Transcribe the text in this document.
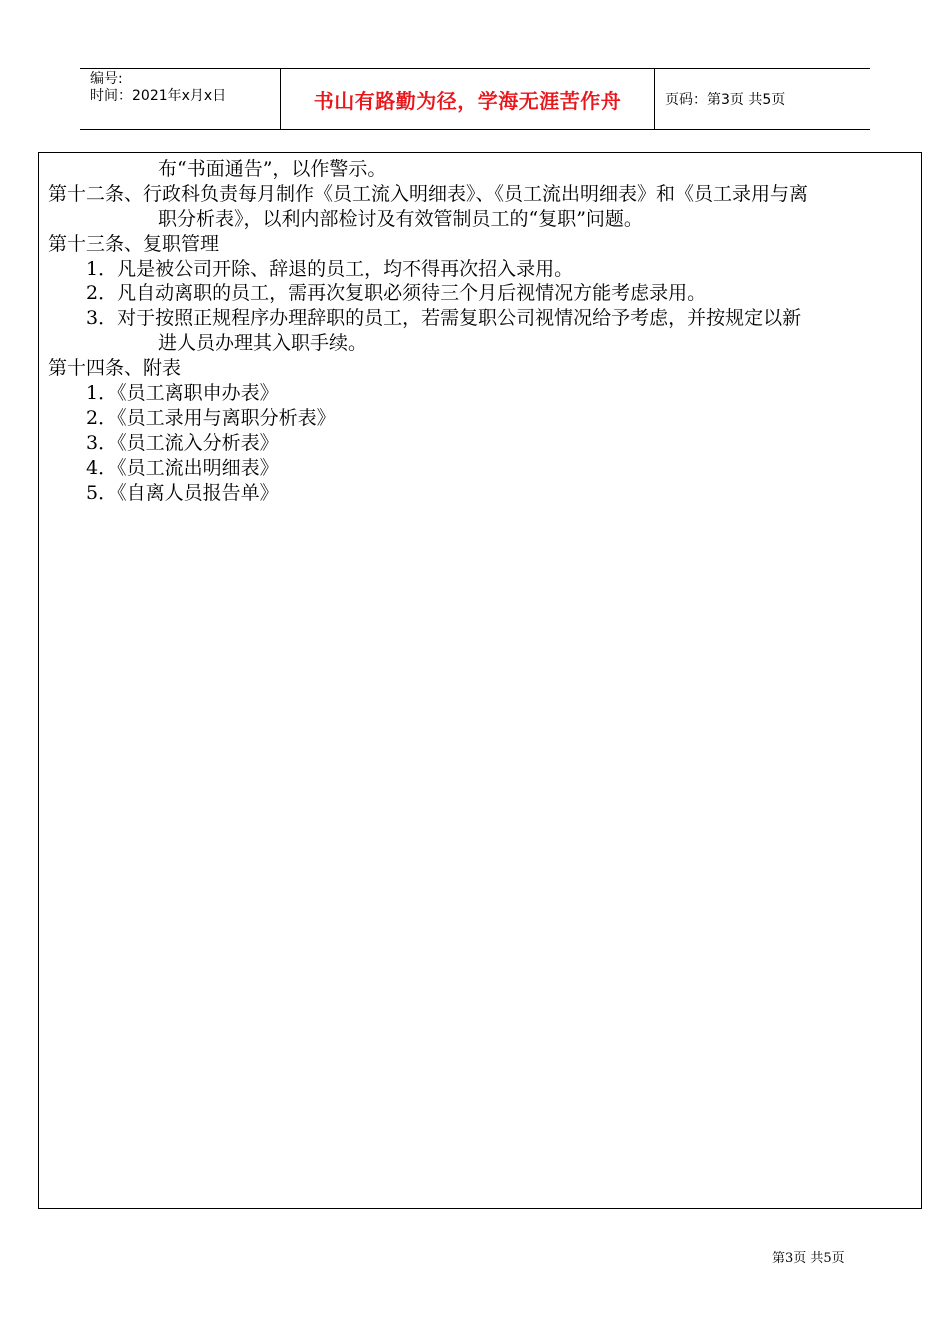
编号:
时间：2021年x月x日	书山有路勤为径，学海无涯苦作舟	页码：第3页 共5页
布“书面通告”，以作警示。
第十二条、行政科负责每月制作《员工流入明细表》、《员工流出明细表》和《员工录用与离
职分析表》，以利内部检讨及有效管制员工的“复职”问题。
第十三条、复职管理
1．凡是被公司开除、辞退的员工，均不得再次招入录用。
2．凡自动离职的员工，需再次复职必须待三个月后视情况方能考虑录用。
3．对于按照正规程序办理辞职的员工，若需复职公司视情况给予考虑，并按规定以新
进人员办理其入职手续。
第十四条、附表
1．《员工离职申办表》
2．《员工录用与离职分析表》
3．《员工流入分析表》
4．《员工流出明细表》
5．《自离人员报告单》
第3页 共5页
